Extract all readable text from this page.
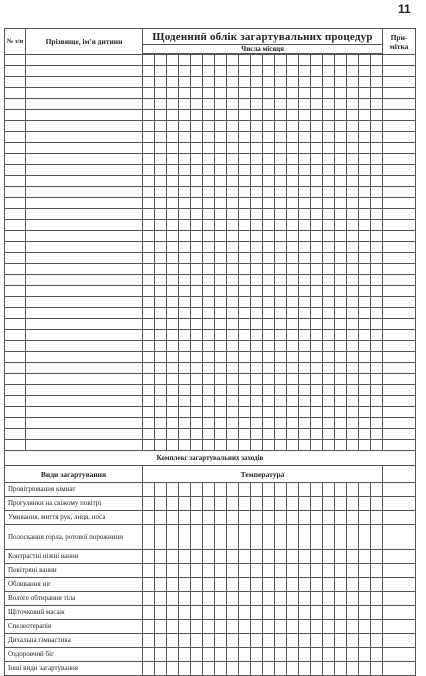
11
№ з/п	Прізвище, ім'я дитини	Щоденний облік загартувальних процедур																				При-мітка
		Числа місяця																				

Комплекс загартувальних заходів																						
Види загартування		Температура																				
Провітрювання кімнат																						
Прогулянки на свіжому повітрі																						
Умивання, миття рук, лиця, носа																						
Полоскання горла, ротової порожнини																						
Контрастні ніжні ванни																						
Повітряні ванни																						
Обливання ніг																						
Вологе обтирання тіла																						
Щіточковий масаж																						
Спелеотерапія																						
Дихальна гімнастика																						
Оздоровчий біг																						
Інші види загартування																						
